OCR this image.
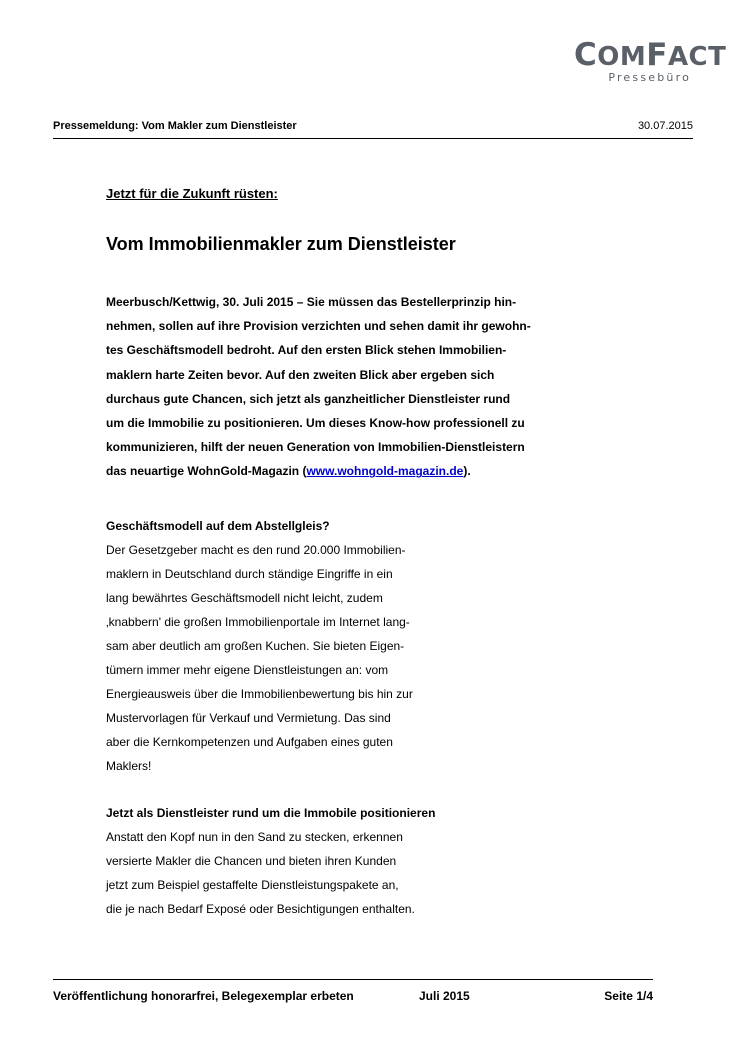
COMFACT
Pressebüro
Pressemeldung: Vom Makler zum Dienstleister	30.07.2015
Jetzt für die Zukunft rüsten:
Vom Immobilienmakler zum Dienstleister
Meerbusch/Kettwig, 30. Juli 2015 – Sie müssen das Bestellerprinzip hin-
nehmen, sollen auf ihre Provision verzichten und sehen damit ihr gewohn-
tes Geschäftsmodell bedroht. Auf den ersten Blick stehen Immobilien-
maklern harte Zeiten bevor. Auf den zweiten Blick aber ergeben sich
durchaus gute Chancen, sich jetzt als ganzheitlicher Dienstleister rund
um die Immobilie zu positionieren. Um dieses Know-how professionell zu
kommunizieren, hilft der neuen Generation von Immobilien-Dienstleistern
das neuartige WohnGold-Magazin (www.wohngold-magazin.de).
Geschäftsmodell auf dem Abstellgleis?
Der Gesetzgeber macht es den rund 20.000 Immobilien-
maklern in Deutschland durch ständige Eingriffe in ein
lang bewährtes Geschäftsmodell nicht leicht, zudem
‚knabbern' die großen Immobilienportale im Internet lang-
sam aber deutlich am großen Kuchen. Sie bieten Eigen-
tümern immer mehr eigene Dienstleistungen an: vom
Energieausweis über die Immobilienbewertung bis hin zur
Mustervorlagen für Verkauf und Vermietung. Das sind
aber die Kernkompetenzen und Aufgaben eines guten
Maklers!
Jetzt als Dienstleister rund um die Immobile positionieren
Anstatt den Kopf nun in den Sand zu stecken, erkennen
versierte Makler die Chancen und bieten ihren Kunden
jetzt zum Beispiel gestaffelte Dienstleistungspakete an,
die je nach Bedarf Exposé oder Besichtigungen enthalten.
Veröffentlichung honorarfrei, Belegexemplar erbeten	Juli 2015	Seite 1/4
